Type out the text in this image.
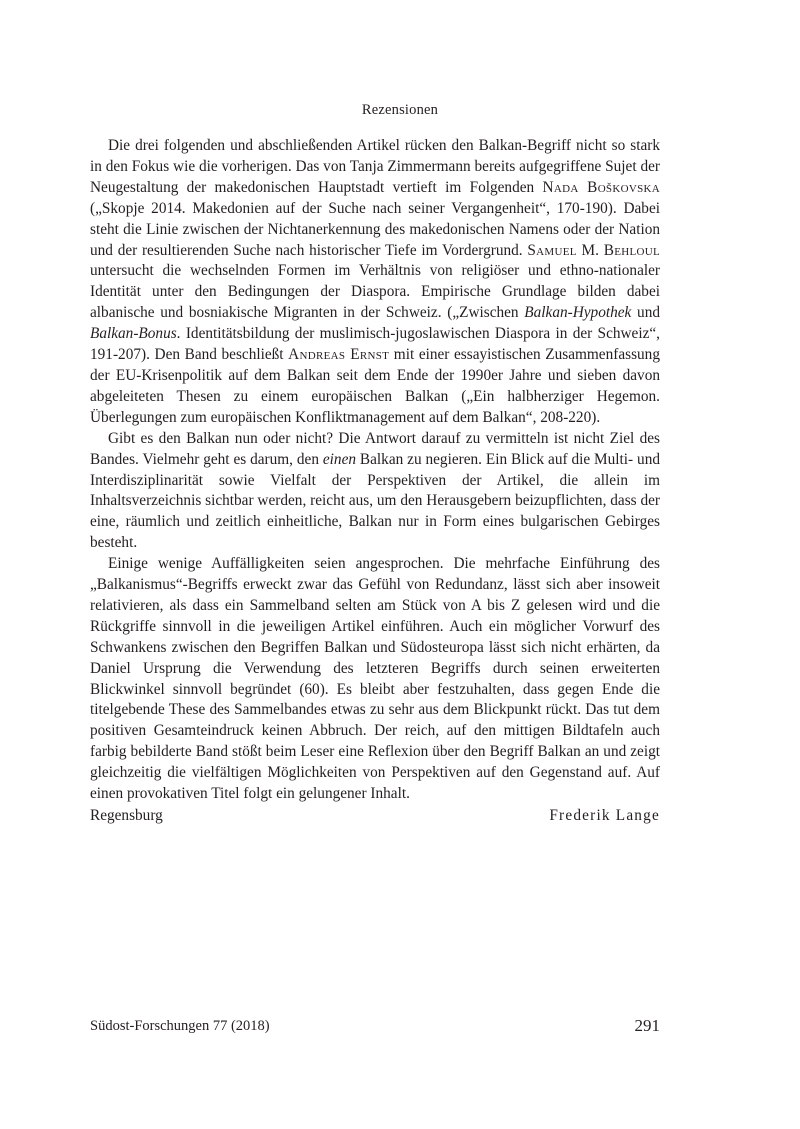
Rezensionen

Die drei folgenden und abschließenden Artikel rücken den Balkan-Begriff nicht so stark in den Fokus wie die vorherigen. Das von Tanja Zimmermann bereits aufgegriffene Sujet der Neugestaltung der makedonischen Hauptstadt vertieft im Folgenden Nada Boškovska („Skopje 2014. Makedonien auf der Suche nach seiner Vergangenheit“, 170-190). Dabei steht die Linie zwischen der Nichtanerkennung des makedonischen Namens oder der Nation und der resultierenden Suche nach historischer Tiefe im Vordergrund. Samuel M. Behloul untersucht die wechselnden Formen im Verhältnis von religiöser und ethno-nationaler Identität unter den Bedingungen der Diaspora. Empirische Grundlage bilden dabei albanische und bosniakische Migranten in der Schweiz. („Zwischen Balkan-Hypothek und Balkan-Bonus. Identitätsbildung der muslimisch-jugoslawischen Diaspora in der Schweiz“, 191-207). Den Band beschließt Andreas Ernst mit einer essayistischen Zusammenfassung der EU-Krisenpolitik auf dem Balkan seit dem Ende der 1990er Jahre und sieben davon abgeleiteten Thesen zu einem europäischen Balkan („Ein halbherziger Hegemon. Überlegungen zum europäischen Konfliktmanagement auf dem Balkan“, 208-220).

Gibt es den Balkan nun oder nicht? Die Antwort darauf zu vermitteln ist nicht Ziel des Bandes. Vielmehr geht es darum, den einen Balkan zu negieren. Ein Blick auf die Multi- und Interdisziplinarität sowie Vielfalt der Perspektiven der Artikel, die allein im Inhaltsverzeichnis sichtbar werden, reicht aus, um den Herausgebern beizupflichten, dass der eine, räumlich und zeitlich einheitliche, Balkan nur in Form eines bulgarischen Gebirges besteht.

Einige wenige Auffälligkeiten seien angesprochen. Die mehrfache Einführung des „Balkanismus“-Begriffs erweckt zwar das Gefühl von Redundanz, lässt sich aber insoweit relativieren, als dass ein Sammelband selten am Stück von A bis Z gelesen wird und die Rückgriffe sinnvoll in die jeweiligen Artikel einführen. Auch ein möglicher Vorwurf des Schwankens zwischen den Begriffen Balkan und Südosteuropa lässt sich nicht erhärten, da Daniel Ursprung die Verwendung des letzteren Begriffs durch seinen erweiterten Blickwinkel sinnvoll begründet (60). Es bleibt aber festzuhalten, dass gegen Ende die titelgebende These des Sammelbandes etwas zu sehr aus dem Blickpunkt rückt. Das tut dem positiven Gesamteindruck keinen Abbruch. Der reich, auf den mittigen Bildtafeln auch farbig bebilderte Band stößt beim Leser eine Reflexion über den Begriff Balkan an und zeigt gleichzeitig die vielfältigen Möglichkeiten von Perspektiven auf den Gegenstand auf. Auf einen provokativen Titel folgt ein gelungener Inhalt.

Regensburg	Frederik Lange
Südost-Forschungen 77 (2018)	291
